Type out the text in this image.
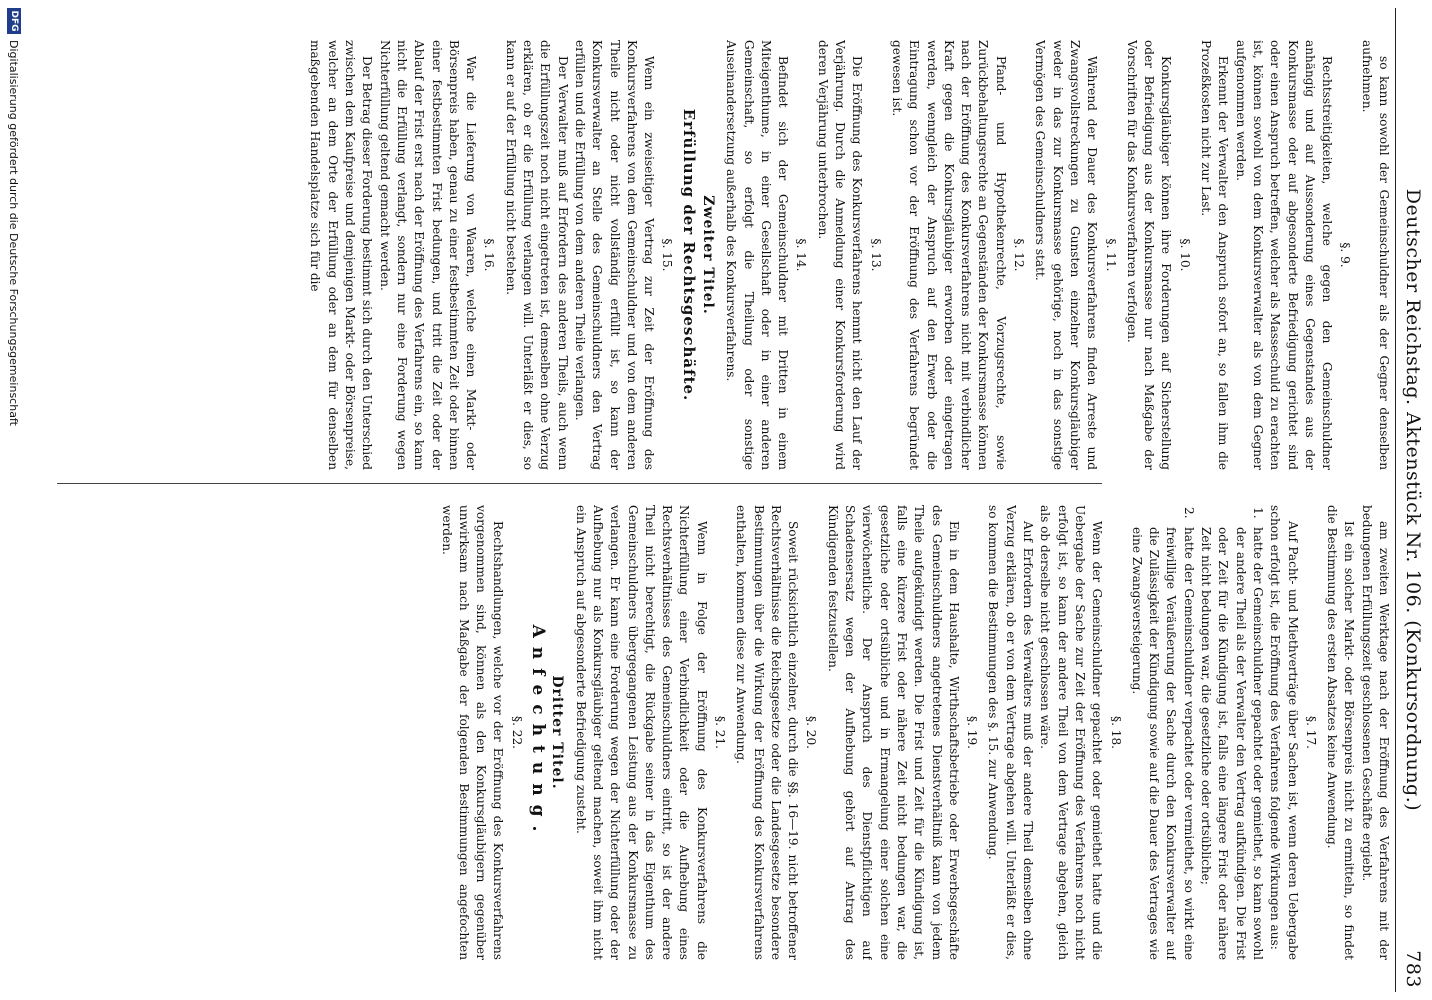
Deutscher Reichstag. Aktenstück Nr. 106. (Konkursordnung.)
783

so kann sowohl der Gemeinschuldner als der Gegner denselben aufnehmen.

§. 9.

Rechtsstreitigkeiten, welche gegen den Gemeinschuldner anhängig und auf Aussonderung eines Gegenstandes aus der Konkursmasse oder auf abgesonderte Befriedigung gerichtet sind oder einen Anspruch betreffen, welcher als Masseschuld zu erachten ist, können sowohl von dem Konkursverwalter als von dem Gegner aufgenommen werden.

Erkennt der Verwalter den Anspruch sofort an, so fallen ihm die Prozeßkosten nicht zur Last.

§. 10.

Konkursgläubiger können ihre Forderungen auf Sicherstellung oder Befriedigung aus der Konkursmasse nur nach Maßgabe der Vorschriften für das Konkursverfahren verfolgen.

§. 11.

Während der Dauer des Konkursverfahrens finden Arreste und Zwangsvollstreckungen zu Gunsten einzelner Konkursgläubiger weder in das zur Konkursmasse gehörige, noch in das sonstige Vermögen des Gemeinschuldners statt.

§. 12.

Pfand- und Hypothekenrechte, Vorzugsrechte, sowie Zurückbehaltungsrechte an Gegenständen der Konkursmasse können nach der Eröffnung des Konkursverfahrens nicht mit verbindlicher Kraft gegen die Konkursgläubiger erworben oder eingetragen werden, wenngleich der Anspruch auf den Erwerb oder die Eintragung schon vor der Eröffnung des Verfahrens begründet gewesen ist.

§. 13.

Die Eröffnung des Konkursverfahrens hemmt nicht den Lauf der Verjährung. Durch die Anmeldung einer Konkursforderung wird deren Verjährung unterbrochen.

§. 14.

Befindet sich der Gemeinschuldner mit Dritten in einem Miteigenthume, in einer Gesellschaft oder in einer anderen Gemeinschaft, so erfolgt die Theilung oder sonstige Auseinandersetzung außerhalb des Konkursverfahrens.

Zweiter Titel.

Erfüllung der Rechtsgeschäfte.

§. 15.

Wenn ein zweiseitiger Vertrag zur Zeit der Eröffnung des Konkursverfahrens von dem Gemeinschuldner und von dem anderen Theile nicht oder nicht vollständig erfüllt ist, so kann der Konkursverwalter an Stelle des Gemeinschuldners den Vertrag erfüllen und die Erfüllung von dem anderen Theile verlangen.

Der Verwalter muß auf Erfordern des anderen Theils, auch wenn die Erfüllungszeit noch nicht eingetreten ist, demselben ohne Verzug erklären, ob er die Erfüllung verlangen will. Unterläßt er dies, so kann er auf der Erfüllung nicht bestehen.

§. 16.

War die Lieferung von Waaren, welche einen Markt- oder Börsenpreis haben, genau zu einer festbestimmten Zeit oder binnen einer festbestimmten Frist bedungen, und tritt die Zeit oder der Ablauf der Frist erst nach der Eröffnung des Verfahrens ein, so kann nicht die Erfüllung verlangt, sondern nur eine Forderung wegen Nichterfüllung geltend gemacht werden.

Der Betrag dieser Forderung bestimmt sich durch den Unterschied zwischen dem Kaufpreise und demjenigen Markt- oder Börsenpreise, welcher an dem Orte der Erfüllung oder an dem für denselben maßgebenden Handelsplatze sich für die

am zweiten Werktage nach der Eröffnung des Verfahrens mit der bedungenen Erfüllungszeit geschlossenen Geschäfte ergiebt.

Ist ein solcher Markt- oder Börsenpreis nicht zu ermitteln, so findet die Bestimmung des ersten Absatzes keine Anwendung.

§. 17.

Auf Pacht- und Miethverträge über Sachen ist, wenn deren Uebergabe schon erfolgt ist, die Eröffnung des Verfahrens folgende Wirkungen aus:

1.
hatte der Gemeinschuldner gepachtet oder gemiethet, so kann sowohl der andere Theil als der Verwalter den Vertrag aufkündigen. Die Frist oder Zeit für die Kündigung ist, falls eine längere Frist oder nähere Zeit nicht bedungen war, die gesetzliche oder ortsübliche;

2.
hatte der Gemeinschuldner verpachtet oder vermiethet, so wirkt eine freiwillige Veräußerung der Sache durch den Konkursverwalter auf die Zulässigkeit der Kündigung sowie auf die Dauer des Vertrages wie eine Zwangsversteigerung.

§. 18.

Wenn der Gemeinschuldner gepachtet oder gemiethet hatte und die Uebergabe der Sache zur Zeit der Eröffnung des Verfahrens noch nicht erfolgt ist, so kann der andere Theil von dem Vertrage abgehen, gleich als ob derselbe nicht geschlossen wäre.

Auf Erfordern des Verwalters muß der andere Theil demselben ohne Verzug erklären, ob er von dem Vertrage abgehen will. Unterläßt er dies, so kommen die Bestimmungen des §. 15. zur Anwendung.

§. 19.

Ein in dem Haushalte, Wirthschaftsbetriebe oder Erwerbsgeschäfte des Gemeinschuldners angetretenes Dienstverhältniß kann von jedem Theile aufgekündigt werden. Die Frist und Zeit für die Kündigung ist, falls eine kürzere Frist oder nähere Zeit nicht bedungen war, die gesetzliche oder ortsübliche und in Ermangelung einer solchen eine vierwöchentliche. Der Anspruch des Dienstpflichtigen auf Schadensersatz wegen der Aufhebung gehört auf Antrag des Kündigenden festzustellen.

§. 20.

Soweit rücksichtlich einzelner, durch die §§. 16—19. nicht betroffener Rechtsverhältnisse die Reichsgesetze oder die Landesgesetze besondere Bestimmungen über die Wirkung der Eröffnung des Konkursverfahrens enthalten, kommen diese zur Anwendung.

§. 21.

Wenn in Folge der Eröffnung des Konkursverfahrens die Nichterfüllung einer Verbindlichkeit oder die Aufhebung eines Rechtsverhältnisses des Gemeinschuldners eintritt, so ist der andere Theil nicht berechtigt, die Rückgabe seiner in das Eigenthum des Gemeinschuldners übergegangenen Leistung aus der Konkursmasse zu verlangen. Er kann eine Forderung wegen der Nichterfüllung oder der Aufhebung nur als Konkursgläubiger geltend machen, soweit ihm nicht ein Anspruch auf abgesonderte Befriedigung zusteht.

Dritter Titel.

Anfechtung.

§. 22.

Rechtshandlungen, welche vor der Eröffnung des Konkursverfahrens vorgenommen sind, können als den Konkursgläubigern gegenüber unwirksam nach Maßgabe der folgenden Bestimmungen angefochten werden.

DFG
Digitalisierung gefördert durch die Deutsche Forschungsgemeinschaft
